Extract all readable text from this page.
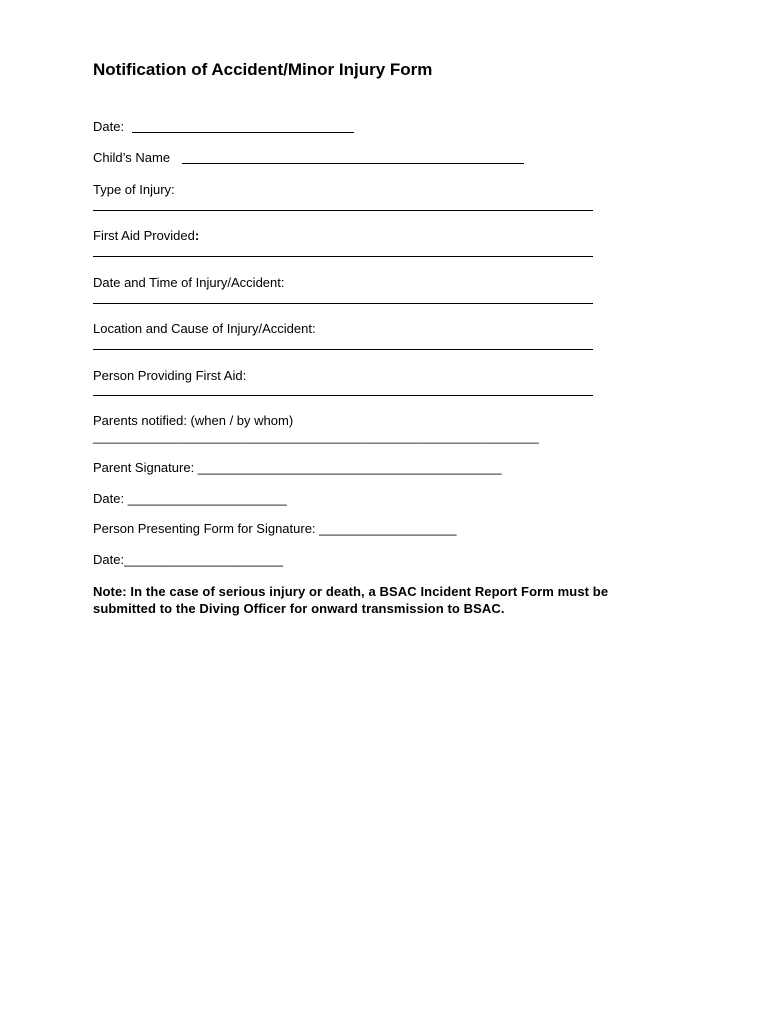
Notification of Accident/Minor Injury Form
Date:
Child’s Name
Type of Injury:
First Aid Provided:
Date and Time of Injury/Accident:
Location and Cause of Injury/Accident:
Person Providing First Aid:
Parents notified: (when / by whom)
____________________________________________________________________
Parent Signature: __________________________________________
Date: ______________________
Person Presenting Form for Signature: ___________________
Date:______________________
Note: In the case of serious injury or death, a BSAC Incident Report Form must be
submitted to the Diving Officer for onward transmission to BSAC.
